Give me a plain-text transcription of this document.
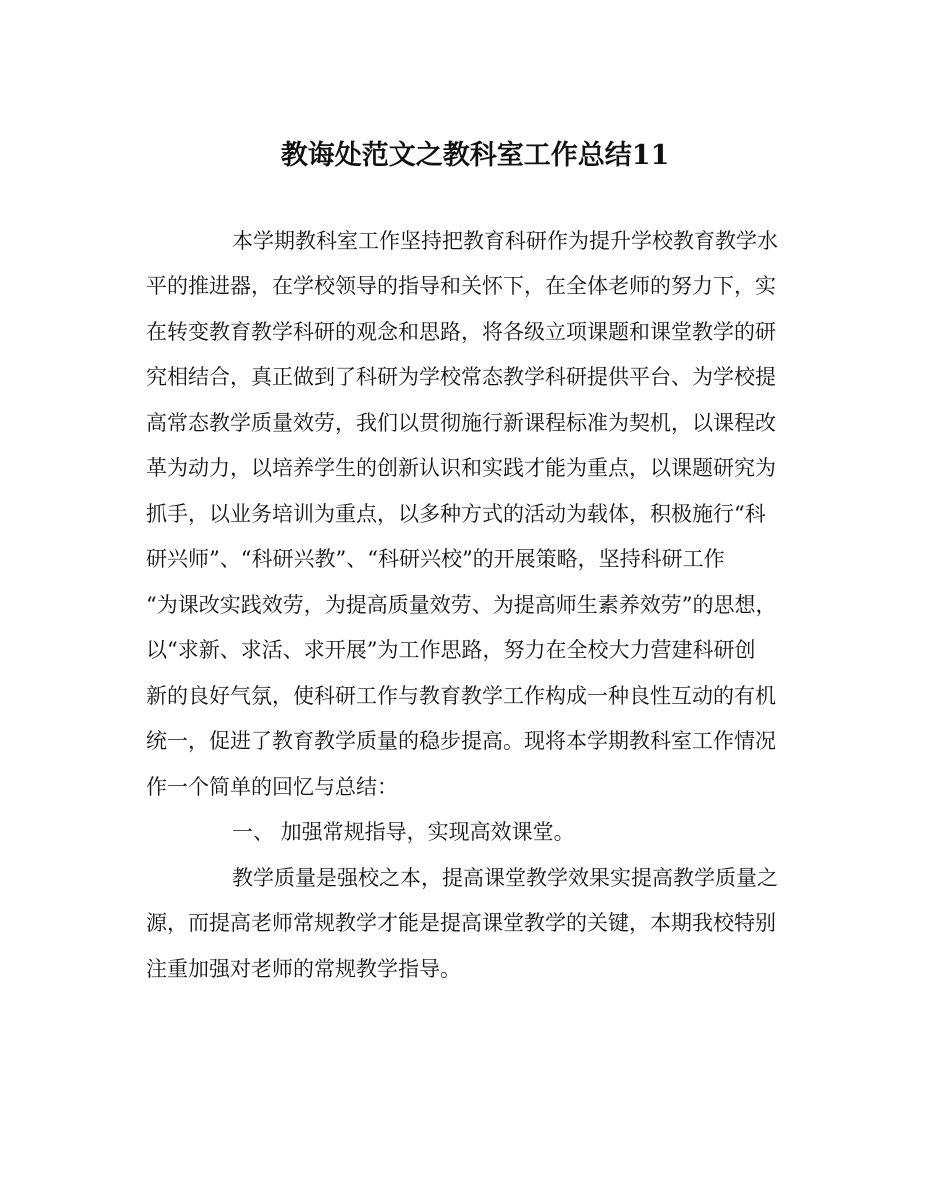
教诲处范文之教科室工作总结11
本学期教科室工作坚持把教育科研作为提升学校教育教学水
平的推进器，在学校领导的指导和关怀下，在全体老师的努力下，实
在转变教育教学科研的观念和思路，将各级立项课题和课堂教学的研
究相结合，真正做到了科研为学校常态教学科研提供平台、为学校提
高常态教学质量效劳，我们以贯彻施行新课程标准为契机，以课程改
革为动力，以培养学生的创新认识和实践才能为重点，以课题研究为
抓手，以业务培训为重点，以多种方式的活动为载体，积极施行“科
研兴师”、“科研兴教”、“科研兴校”的开展策略，坚持科研工作
“为课改实践效劳，为提高质量效劳、为提高师生素养效劳”的思想，
以“求新、求活、求开展”为工作思路，努力在全校大力营建科研创
新的良好气氛，使科研工作与教育教学工作构成一种良性互动的有机
统一，促进了教育教学质量的稳步提高。现将本学期教科室工作情况
作一个简单的回忆与总结：
一、 加强常规指导，实现高效课堂。
教学质量是强校之本，提高课堂教学效果实提高教学质量之
源，而提高老师常规教学才能是提高课堂教学的关键，本期我校特别
注重加强对老师的常规教学指导。
